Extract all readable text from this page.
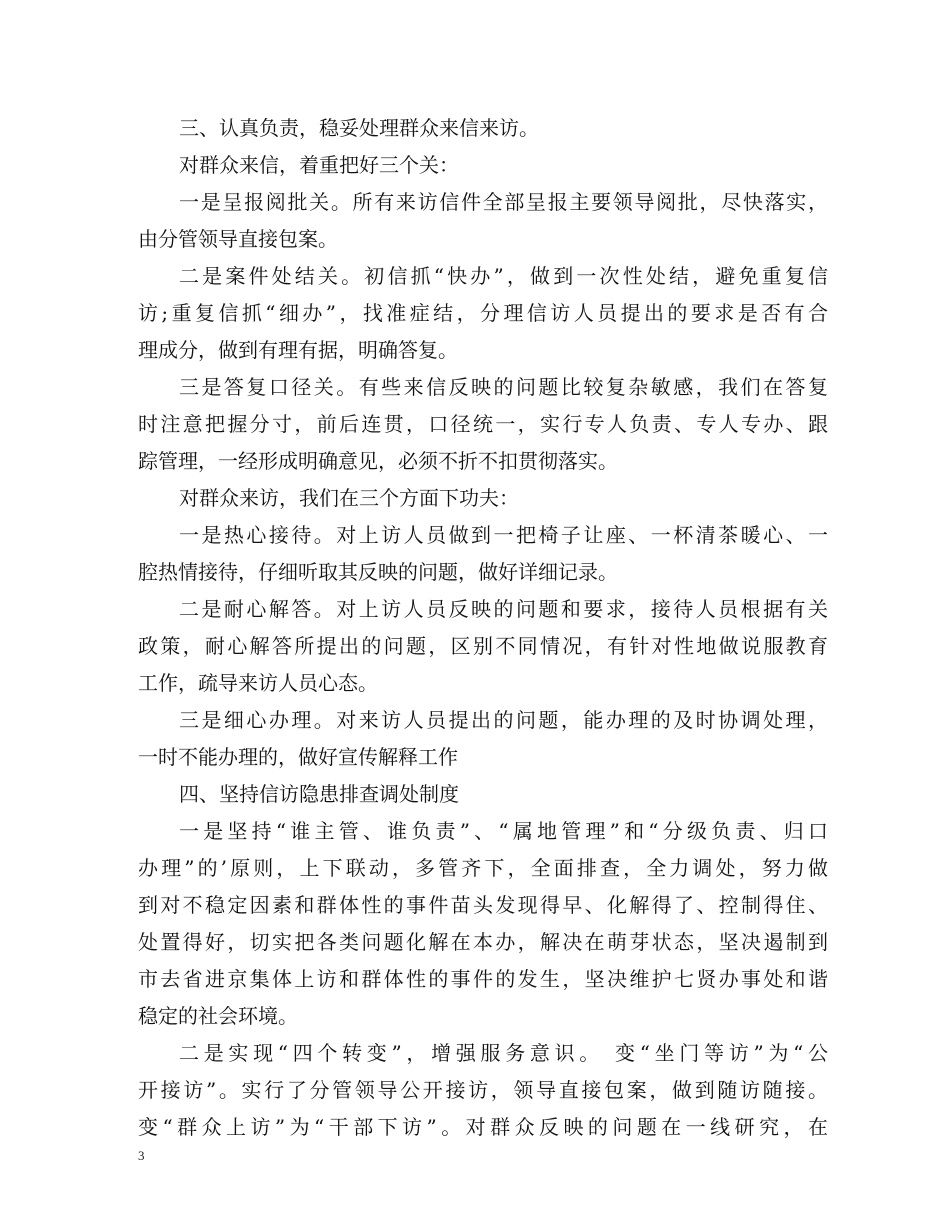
三、认真负责，稳妥处理群众来信来访。
对群众来信，着重把好三个关：
一是呈报阅批关。所有来访信件全部呈报主要领导阅批，尽快落实，
由分管领导直接包案。
二是案件处结关。初信抓“快办”，做到一次性处结，避免重复信
访;重复信抓“细办”，找准症结，分理信访人员提出的要求是否有合
理成分，做到有理有据，明确答复。
三是答复口径关。有些来信反映的问题比较复杂敏感，我们在答复
时注意把握分寸，前后连贯，口径统一，实行专人负责、专人专办、跟
踪管理，一经形成明确意见，必须不折不扣贯彻落实。
对群众来访，我们在三个方面下功夫：
一是热心接待。对上访人员做到一把椅子让座、一杯清茶暖心、一
腔热情接待，仔细听取其反映的问题，做好详细记录。
二是耐心解答。对上访人员反映的问题和要求，接待人员根据有关
政策，耐心解答所提出的问题，区别不同情况，有针对性地做说服教育
工作，疏导来访人员心态。
三是细心办理。对来访人员提出的问题，能办理的及时协调处理，
一时不能办理的，做好宣传解释工作
四、坚持信访隐患排查调处制度
一是坚持“谁主管、谁负责”、“属地管理”和“分级负责、归口
办理”的’原则，上下联动，多管齐下，全面排查，全力调处，努力做
到对不稳定因素和群体性的事件苗头发现得早、化解得了、控制得住、
处置得好，切实把各类问题化解在本办，解决在萌芽状态，坚决遏制到
市去省进京集体上访和群体性的事件的发生，坚决维护七贤办事处和谐
稳定的社会环境。
二是实现“四个转变”，增强服务意识。 变“坐门等访”为“公
开接访”。实行了分管领导公开接访，领导直接包案，做到随访随接。
变“群众上访”为“干部下访”。对群众反映的问题在一线研究，在
3
